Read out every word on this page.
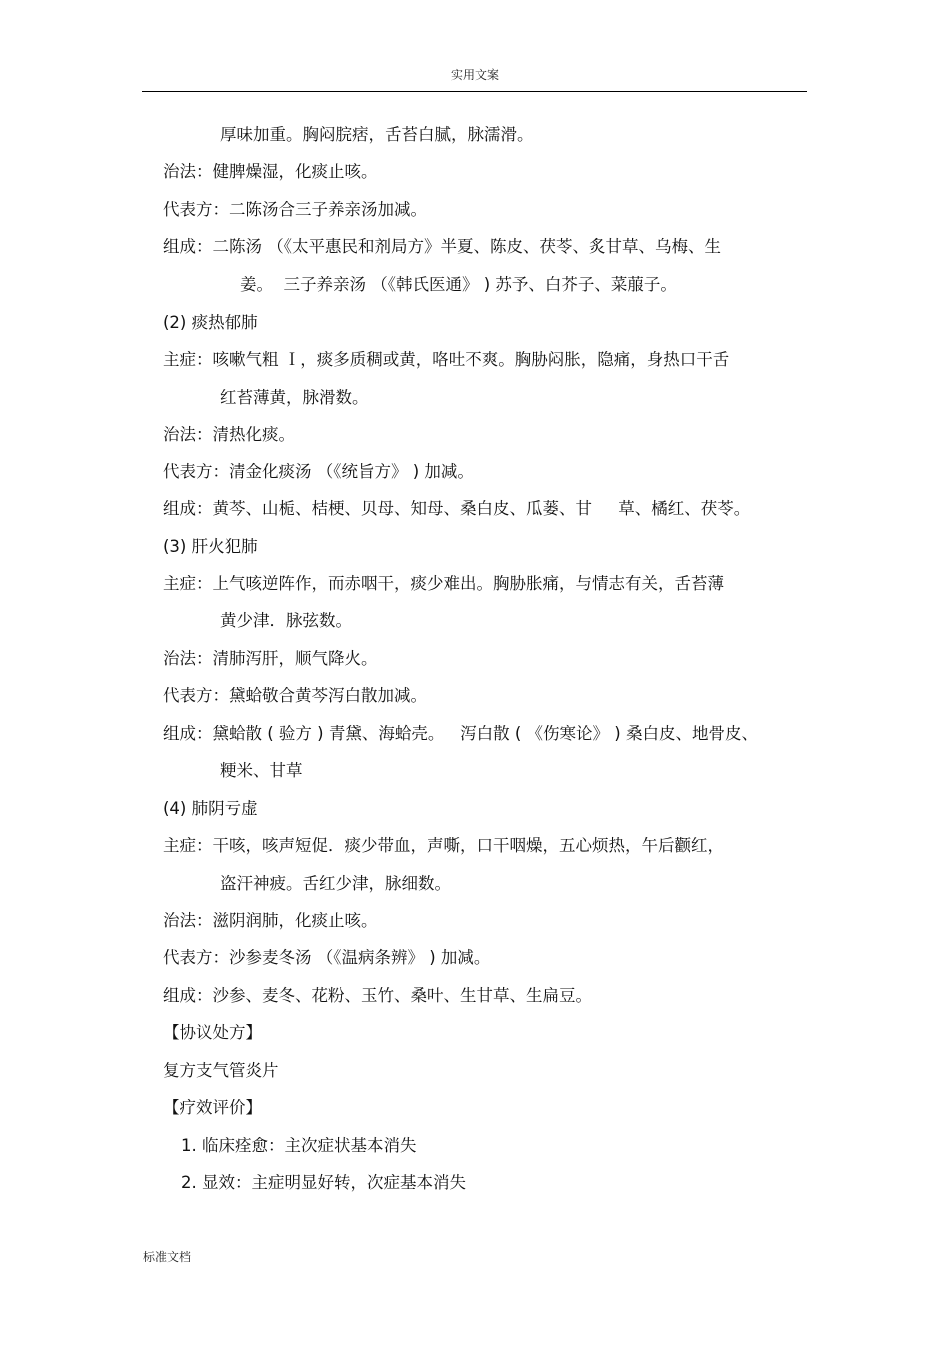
实用文案
厚味加重。胸闷脘痞，舌苔白腻，脉濡滑。
治法：健脾燥湿，化痰止咳。
代表方：二陈汤合三子养亲汤加减。
组成：二陈汤 （《太平惠民和剂局方》半夏、陈皮、茯苓、炙甘草、乌梅、生
姜。  三子养亲汤 （《韩氏医通》 ) 苏予、白芥子、菜菔子。
(2) 痰热郁肺
主症：咳嗽气粗 Ｉ，痰多质稠或黄，咯吐不爽。胸胁闷胀，隐痛，身热口干舌
红苔薄黄，脉滑数。
治法：清热化痰。
代表方：清金化痰汤 （《统旨方》 ) 加减。
组成：黄芩、山栀、桔梗、贝母、知母、桑白皮、瓜蒌、甘     草、橘红、茯苓。
(3) 肝火犯肺
主症：上气咳逆阵作，而赤咽干，痰少难出。胸胁胀痛，与情志有关，舌苔薄
黄少津．脉弦数。
治法：清肺泻肝，顺气降火。
代表方：黛蛤敬合黄芩泻白散加减。
组成：黛蛤散 ( 验方 ) 青黛、海蛤壳。   泻白散 ( 《伤寒论》 ) 桑白皮、地骨皮、
粳米、甘草
(4) 肺阴亏虚
主症：干咳，咳声短促．痰少带血，声嘶，口干咽燥，五心烦热，午后颧红，
盗汗神疲。舌红少津，脉细数。
治法：滋阴润肺，化痰止咳。
代表方：沙参麦冬汤 （《温病条辨》 ) 加减。
组成：沙参、麦冬、花粉、玉竹、桑叶、生甘草、生扁豆。
【协议处方】
复方支气管炎片
【疗效评价】
1. 临床痊愈：主次症状基本消失
2. 显效：主症明显好转，次症基本消失
标准文档
